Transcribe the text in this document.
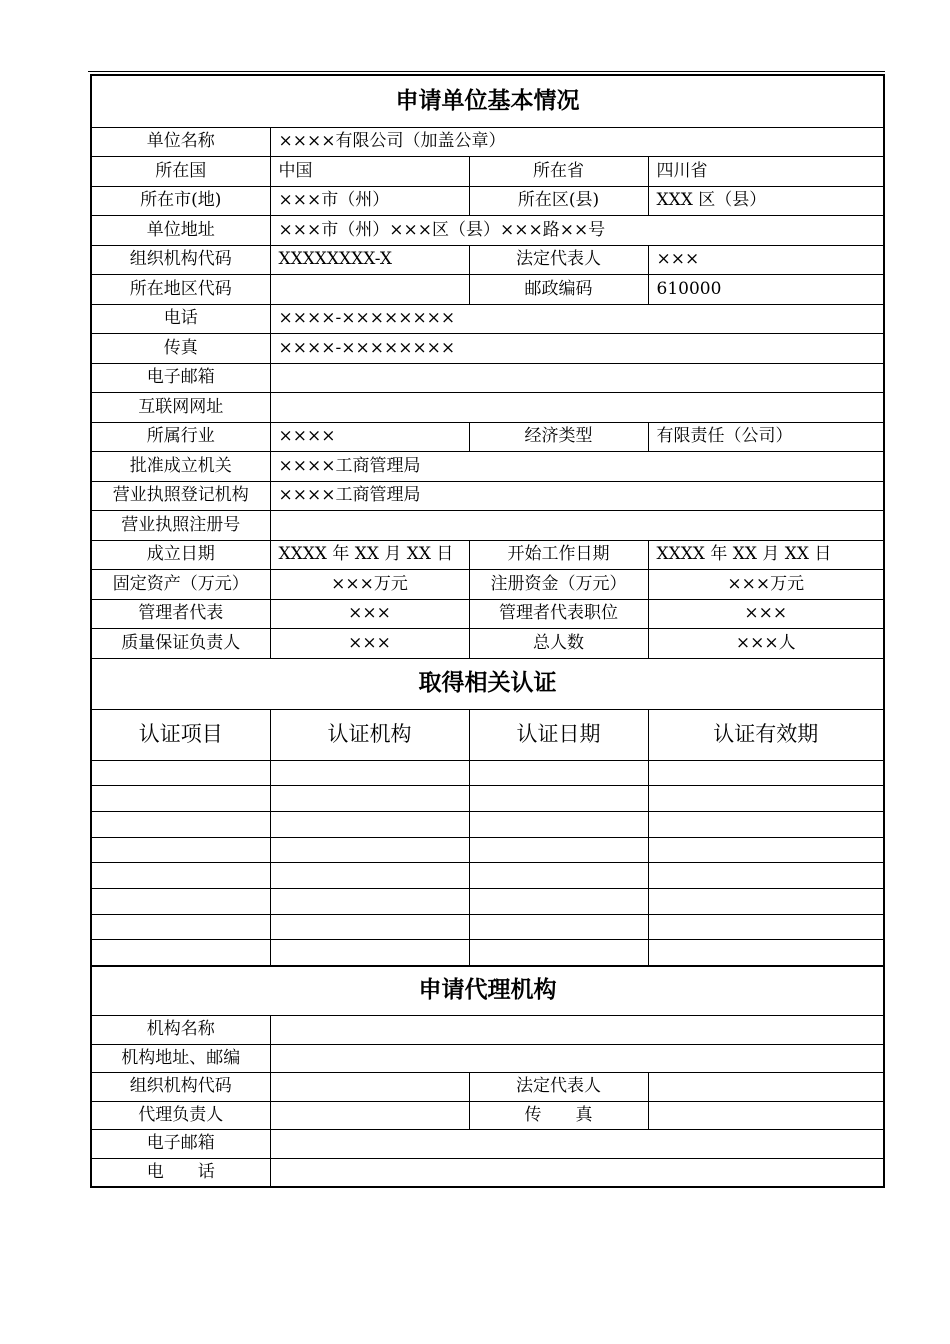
申请单位基本情况			
单位名称	××××有限公司（加盖公章）		
所在国	中国	所在省	四川省
所在市(地)	×××市（州）	所在区(县)	XXX 区（县）
单位地址	×××市（州）×××区（县）×××路××号		
组织机构代码	XXXXXXXX-X	法定代表人	×××
所在地区代码		邮政编码	610000
电话	××××-××××××××		
传真	××××-××××××××		
电子邮箱			
互联网网址			
所属行业	××××	经济类型	有限责任（公司）
批准成立机关	××××工商管理局		
营业执照登记机构	××××工商管理局		
营业执照注册号			
成立日期	XXXX 年 XX 月 XX 日	开始工作日期	XXXX 年 XX 月 XX 日
固定资产（万元）	×××万元	注册资金（万元）	×××万元
管理者代表	×××	管理者代表职位	×××
质量保证负责人	×××	总人数	×××人
取得相关认证			
认证项目	认证机构	认证日期	认证有效期

申请代理机构			
机构名称			
机构地址、邮编			
组织机构代码		法定代表人	
代理负责人		传　　真	
电子邮箱			
电　　话			
